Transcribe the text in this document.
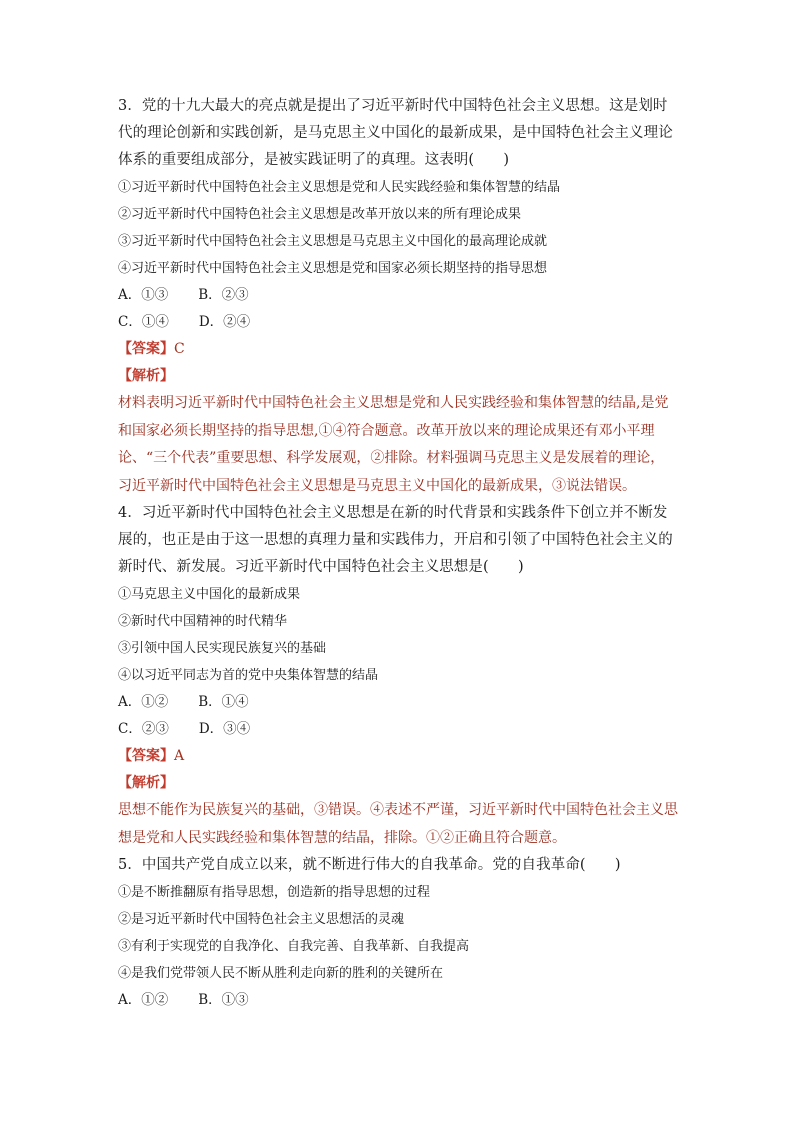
3．党的十九大最大的亮点就是提出了习近平新时代中国特色社会主义思想。这是划时代的理论创新和实践创新，是马克思主义中国化的最新成果，是中国特色社会主义理论体系的重要组成部分，是被实践证明了的真理。这表明(　　)

①习近平新时代中国特色社会主义思想是党和人民实践经验和集体智慧的结晶

②习近平新时代中国特色社会主义思想是改革开放以来的所有理论成果

③习近平新时代中国特色社会主义思想是马克思主义中国化的最高理论成就

④习近平新时代中国特色社会主义思想是党和国家必须长期坚持的指导思想

A．①③ B．②③

C．①④ D．②④

【答案】C

【解析】

材料表明习近平新时代中国特色社会主义思想是党和人民实践经验和集体智慧的结晶,是党和国家必须长期坚持的指导思想,①④符合题意。改革开放以来的理论成果还有邓小平理论、“三个代表”重要思想、科学发展观，②排除。材料强调马克思主义是发展着的理论，习近平新时代中国特色社会主义思想是马克思主义中国化的最新成果，③说法错误。

4．习近平新时代中国特色社会主义思想是在新的时代背景和实践条件下创立并不断发展的，也正是由于这一思想的真理力量和实践伟力，开启和引领了中国特色社会主义的新时代、新发展。习近平新时代中国特色社会主义思想是(　　)

①马克思主义中国化的最新成果

②新时代中国精神的时代精华

③引领中国人民实现民族复兴的基础

④以习近平同志为首的党中央集体智慧的结晶

A．①② B．①④

C．②③ D．③④

【答案】A

【解析】

思想不能作为民族复兴的基础，③错误。④表述不严谨，习近平新时代中国特色社会主义思想是党和人民实践经验和集体智慧的结晶，排除。①②正确且符合题意。

5．中国共产党自成立以来，就不断进行伟大的自我革命。党的自我革命(　　)

①是不断推翻原有指导思想，创造新的指导思想的过程

②是习近平新时代中国特色社会主义思想活的灵魂

③有利于实现党的自我净化、自我完善、自我革新、自我提高

④是我们党带领人民不断从胜利走向新的胜利的关键所在

A．①② B．①③
